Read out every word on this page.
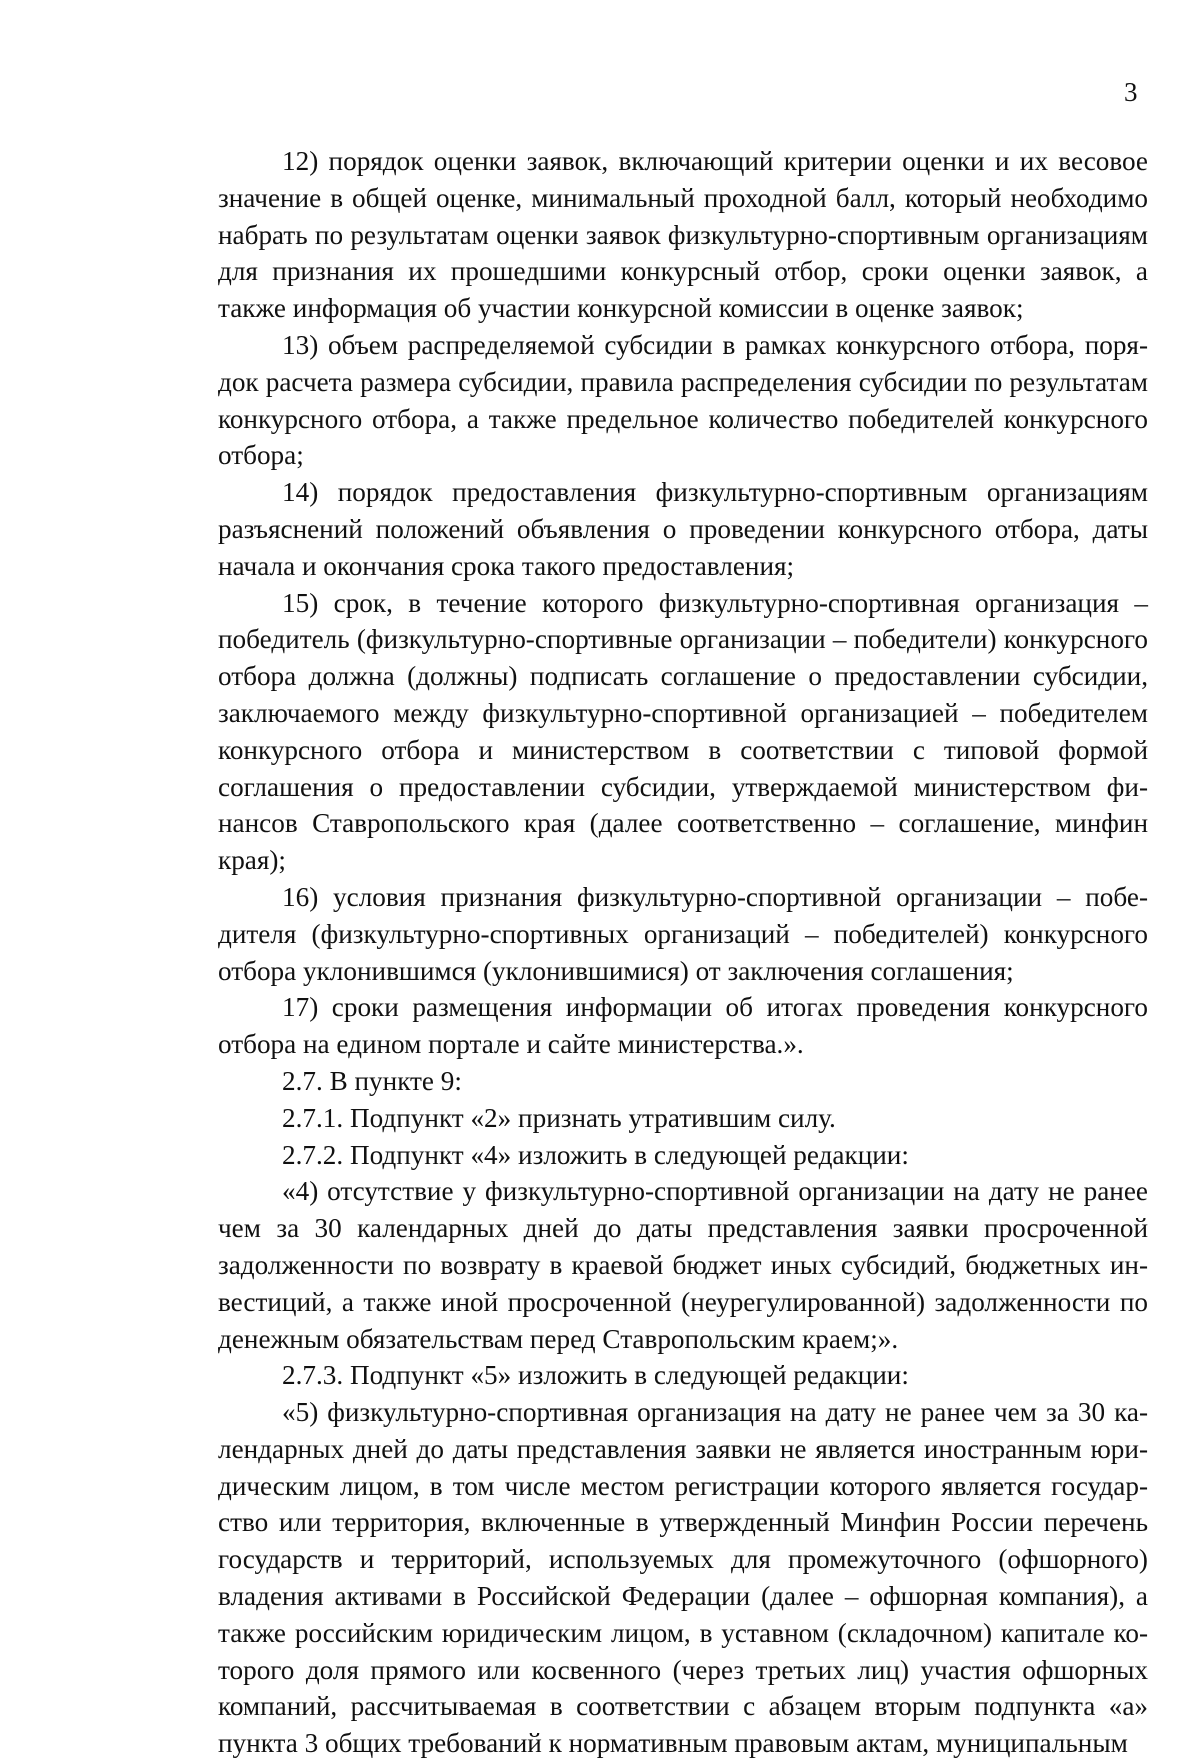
3

12) порядок оценки заявок, включающий критерии оценки и их весовое значение в общей оценке, минимальный проходной балл, который необходимо набрать по результатам оценки заявок физкультурно-спортивным организациям для признания их прошедшими конкурсный отбор, сроки оценки заявок, а также информация об участии конкурсной комиссии в оценке заявок;

13) объем распределяемой субсидии в рамках конкурсного отбора, порядок расчета размера субсидии, правила распределения субсидии по результатам конкурсного отбора, а также предельное количество победителей конкурсного отбора;

14) порядок предоставления физкультурно-спортивным организациям разъяснений положений объявления о проведении конкурсного отбора, даты начала и окончания срока такого предоставления;

15) срок, в течение которого физкультурно-спортивная организация – победитель (физкультурно-спортивные организации – победители) конкурсного отбора должна (должны) подписать соглашение о предоставлении субсидии, заключаемого между физкультурно-спортивной организацией – победителем конкурсного отбора и министерством в соответствии с типовой формой соглашения о предоставлении субсидии, утверждаемой министерством финансов Ставропольского края (далее соответственно – соглашение, минфин края);

16) условия признания физкультурно-спортивной организации – победителя (физкультурно-спортивных организаций – победителей) конкурсного отбора уклонившимся (уклонившимися) от заключения соглашения;

17) сроки размещения информации об итогах проведения конкурсного отбора на едином портале и сайте министерства.».

2.7. В пункте 9:

2.7.1. Подпункт «2» признать утратившим силу.

2.7.2. Подпункт «4» изложить в следующей редакции:

«4) отсутствие у физкультурно-спортивной организации на дату не ранее чем за 30 календарных дней до даты представления заявки просроченной задолженности по возврату в краевой бюджет иных субсидий, бюджетных инвестиций, а также иной просроченной (неурегулированной) задолженности по денежным обязательствам перед Ставропольским краем;».

2.7.3. Подпункт «5» изложить в следующей редакции:

«5) физкультурно-спортивная организация на дату не ранее чем за 30 календарных дней до даты представления заявки не является иностранным юридическим лицом, в том числе местом регистрации которого является государство или территория, включенные в утвержденный Минфин России перечень государств и территорий, используемых для промежуточного (офшорного) владения активами в Российской Федерации (далее – офшорная компания), а также российским юридическим лицом, в уставном (складочном) капитале которого доля прямого или косвенного (через третьих лиц) участия офшорных компаний, рассчитываемая в соответствии с абзацем вторым подпункта «а» пункта 3 общих требований к нормативным правовым актам, муниципальным
